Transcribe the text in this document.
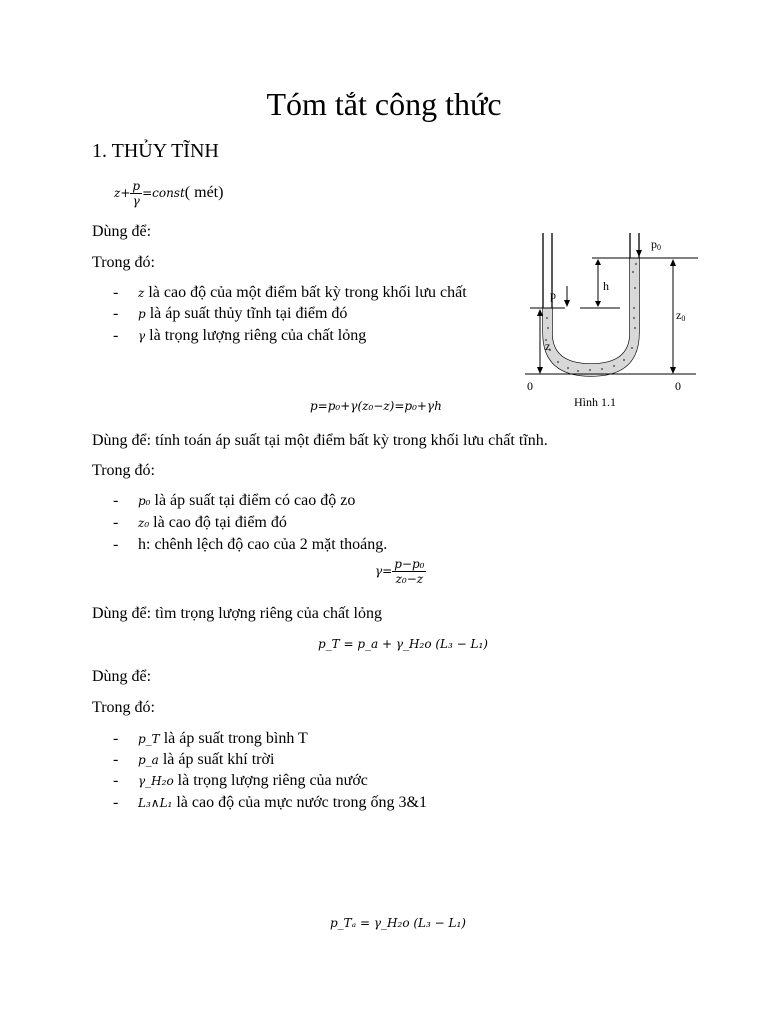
Tóm tắt công thức
1. THỦY TĨNH
$z+ \frac{p}{\gamma}$ =const( mét)
Dùng để:
Trong đó:
- z là cao độ của một điểm bất kỳ trong khối lưu chất
- p là áp suất thủy tĩnh tại điểm đó
- γ là trọng lượng riêng của chất lỏng
p0
h
p
z0
z
0	0
Hình 1.1
p=p₀+γ(z₀−z)=p₀+γh
Dùng để: tính toán áp suất tại một điểm bất kỳ trong khối lưu chất tĩnh.
Trong đó:
- p₀ là áp suất tại điểm có cao độ zo
- z₀ là cao độ tại điểm đó
- h: chênh lệch độ cao của 2 mặt thoáng.
$\gamma= \frac{\text{p−p₀}}{\text{z₀−z}}$
Dùng để: tìm trọng lượng riêng của chất lỏng
p_T = p_a + γ_H₂o (L₃ − L₁)
Dùng để:
Trong đó:
- p_T là áp suất trong bình T
- p_a là áp suất khí trời
- γ_H₂o là trọng lượng riêng của nước
- L₃∧L₁ là cao độ của mực nước trong ống 3&1
p_Tₐ = γ_H₂o (L₃ − L₁)
